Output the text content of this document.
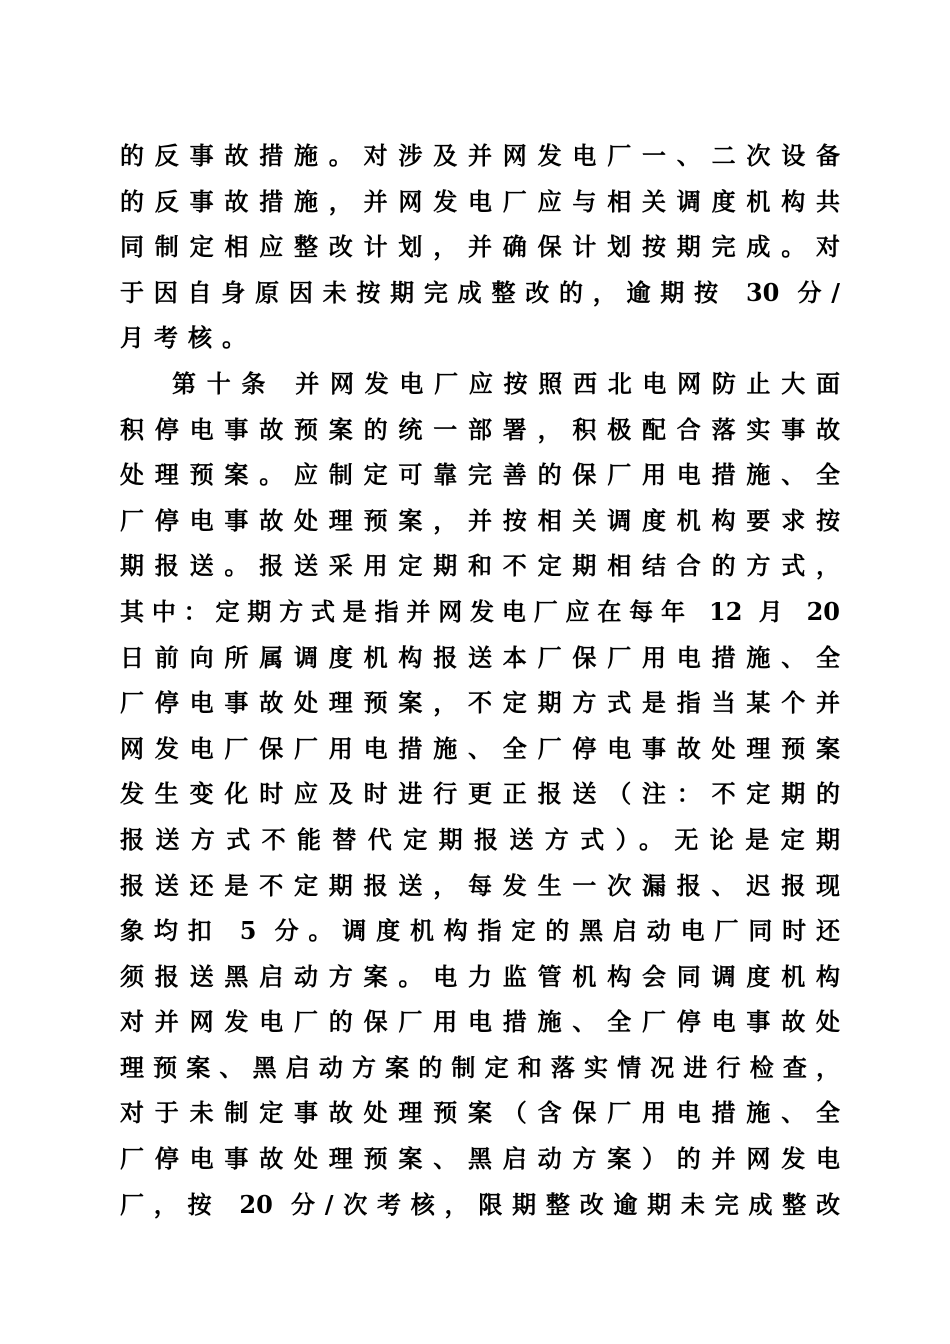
的反事故措施。对涉及并网发电厂一、二次设备
的反事故措施，并网发电厂应与相关调度机构共
同制定相应整改计划，并确保计划按期完成。对
于因自身原因未按期完成整改的，逾期按 30 分/
月考核。
第十条 并网发电厂应按照西北电网防止大面
积停电事故预案的统一部署，积极配合落实事故
处理预案。应制定可靠完善的保厂用电措施、全
厂停电事故处理预案，并按相关调度机构要求按
期报送。报送采用定期和不定期相结合的方式，
其中：定期方式是指并网发电厂应在每年 12 月 20
日前向所属调度机构报送本厂保厂用电措施、全
厂停电事故处理预案，不定期方式是指当某个并
网发电厂保厂用电措施、全厂停电事故处理预案
发生变化时应及时进行更正报送（注：不定期的
报送方式不能替代定期报送方式）。无论是定期
报送还是不定期报送，每发生一次漏报、迟报现
象均扣 5 分。调度机构指定的黑启动电厂同时还
须报送黑启动方案。电力监管机构会同调度机构
对并网发电厂的保厂用电措施、全厂停电事故处
理预案、黑启动方案的制定和落实情况进行检查，
对于未制定事故处理预案（含保厂用电措施、全
厂停电事故处理预案、黑启动方案）的并网发电
厂，按 20 分/次考核，限期整改逾期未完成整改
